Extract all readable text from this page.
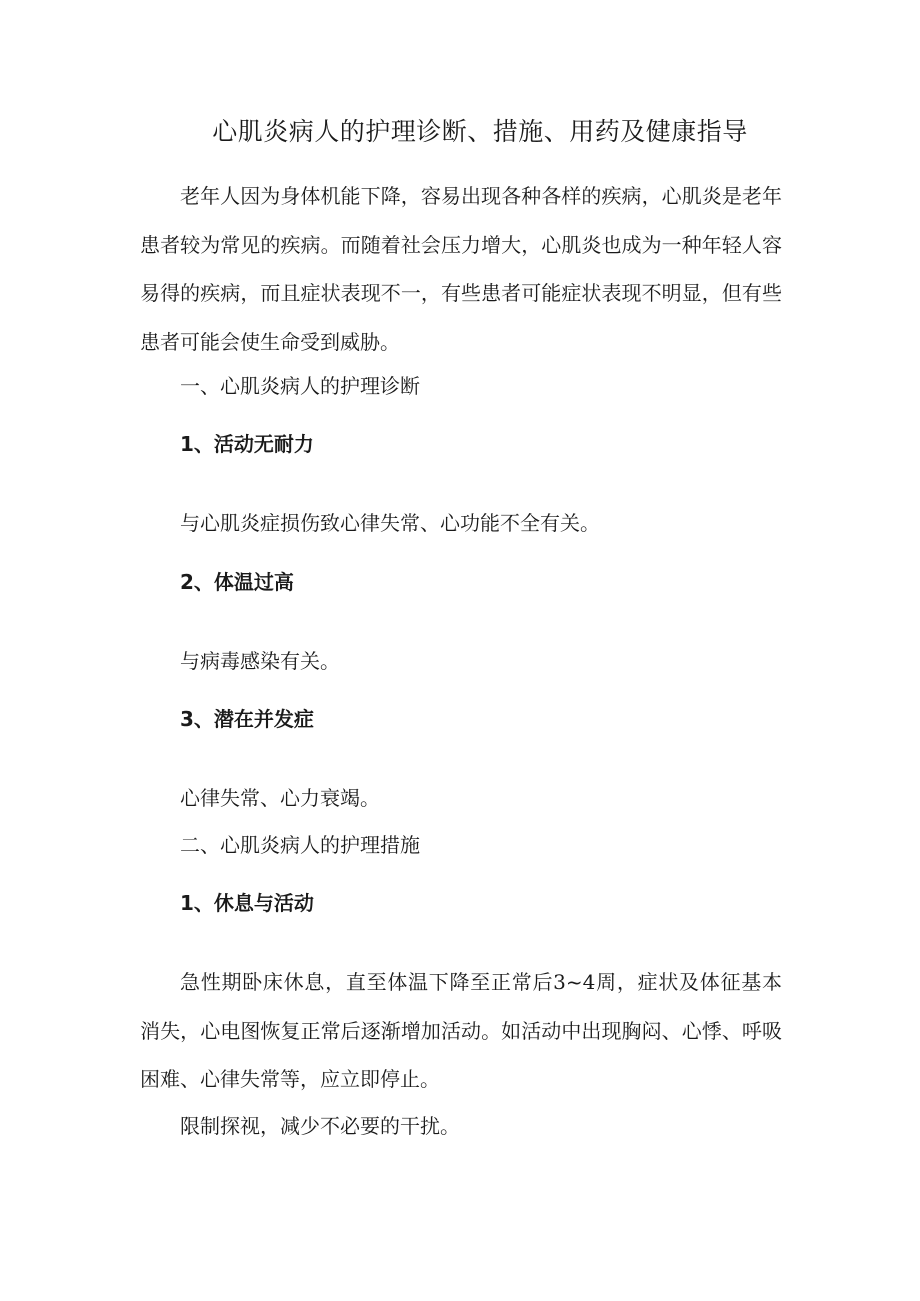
心肌炎病人的护理诊断、措施、用药及健康指导

老年人因为身体机能下降，容易出现各种各样的疾病，心肌炎是老年患者较为常见的疾病。而随着社会压力增大，心肌炎也成为一种年轻人容易得的疾病，而且症状表现不一，有些患者可能症状表现不明显，但有些患者可能会使生命受到威胁。

一、心肌炎病人的护理诊断
1、活动无耐力
与心肌炎症损伤致心律失常、心功能不全有关。
2、体温过高
与病毒感染有关。
3、潜在并发症
心律失常、心力衰竭。
二、心肌炎病人的护理措施
1、休息与活动

急性期卧床休息，直至体温下降至正常后3~4周，症状及体征基本消失，心电图恢复正常后逐渐增加活动。如活动中出现胸闷、心悸、呼吸困难、心律失常等，应立即停止。

限制探视，减少不必要的干扰。
